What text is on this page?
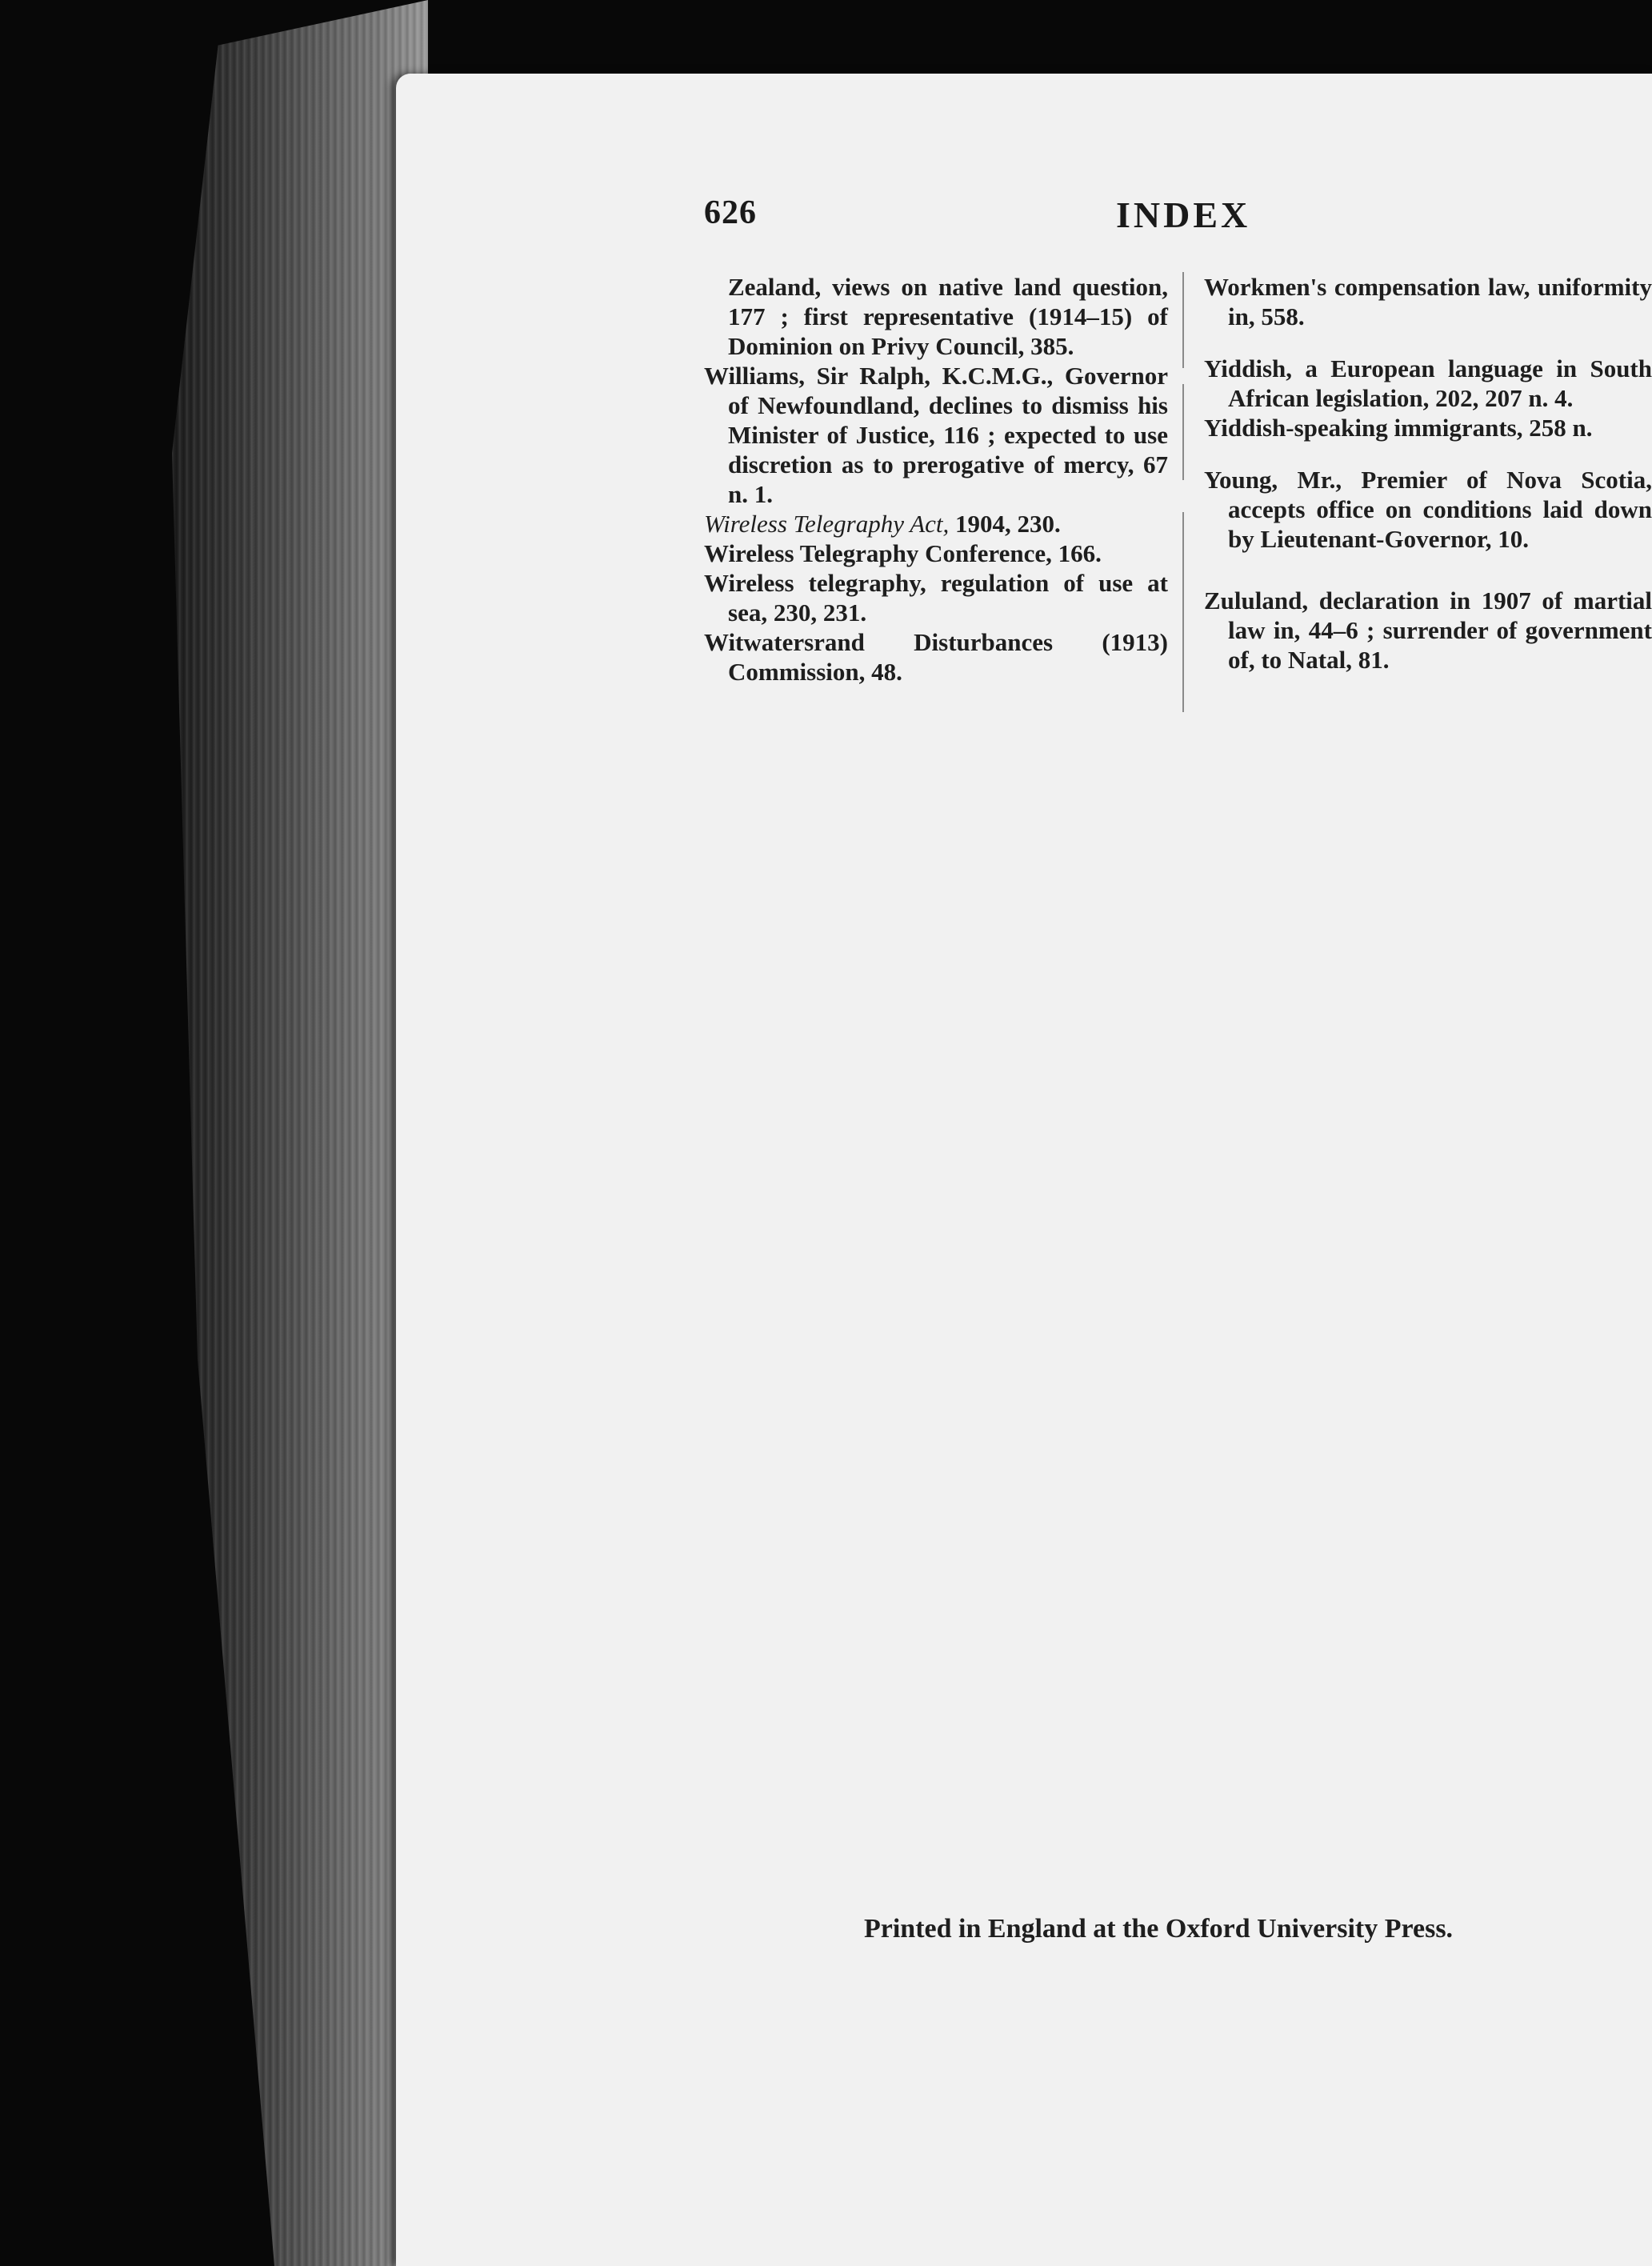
626	INDEX

Zealand, views on native land question, 177 ; first representative (1914–15) of Dominion on Privy Council, 385.

Williams, Sir Ralph, K.C.M.G., Governor of Newfoundland, declines to dismiss his Minister of Justice, 116 ; expected to use discretion as to prerogative of mercy, 67 n. 1.

Wireless Telegraphy Act, 1904, 230.

Wireless Telegraphy Conference, 166.

Wireless telegraphy, regulation of use at sea, 230, 231.

Witwatersrand Disturbances (1913) Commission, 48.

Workmen's compensation law, uniformity in, 558.

Yiddish, a European language in South African legislation, 202, 207 n. 4.

Yiddish-speaking immigrants, 258 n.

Young, Mr., Premier of Nova Scotia, accepts office on conditions laid down by Lieutenant-Governor, 10.

Zululand, declaration in 1907 of martial law in, 44–6 ; surrender of government of, to Natal, 81.

Printed in England at the Oxford University Press.
